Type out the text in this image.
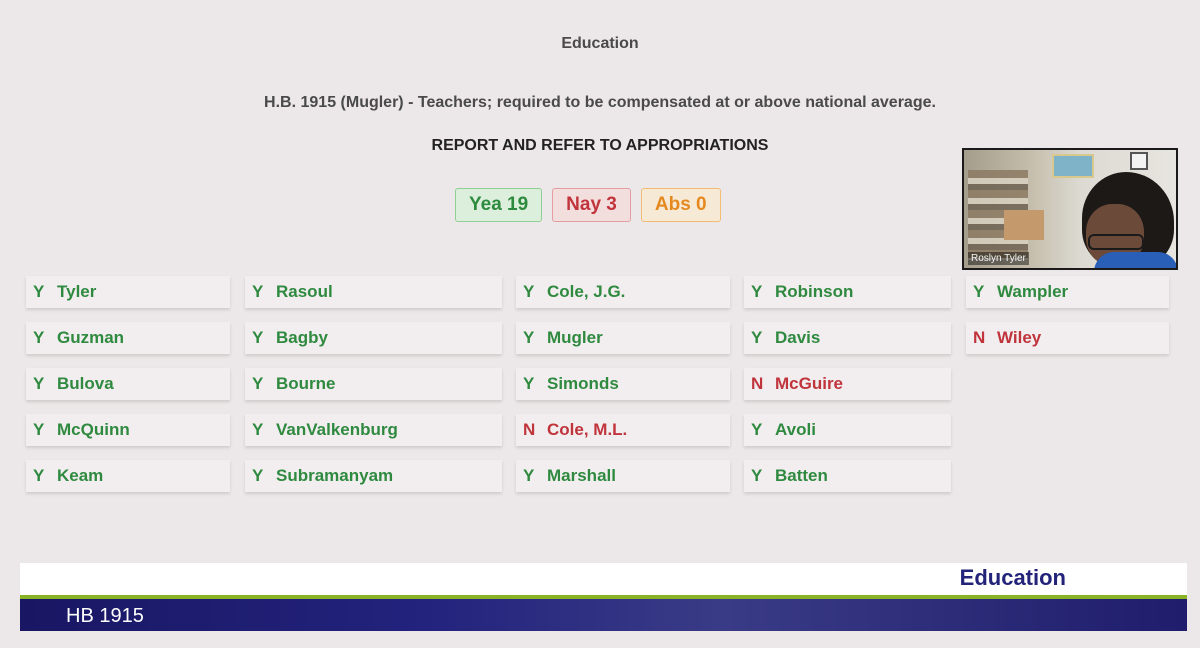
Education
H.B. 1915 (Mugler) - Teachers; required to be compensated at or above national average.
REPORT AND REFER TO APPROPRIATIONS
Yea 19	Nay 3	Abs 0
Roslyn Tyler
Y Tyler
Y Guzman
Y Bulova
Y McQuinn
Y Keam
Y Rasoul
Y Bagby
Y Bourne
Y VanValkenburg
Y Subramanyam
Y Cole, J.G.
Y Mugler
Y Simonds
N Cole, M.L.
Y Marshall
Y Robinson
Y Davis
N McGuire
Y Avoli
Y Batten
Y Wampler
N Wiley
Education
HB 1915
